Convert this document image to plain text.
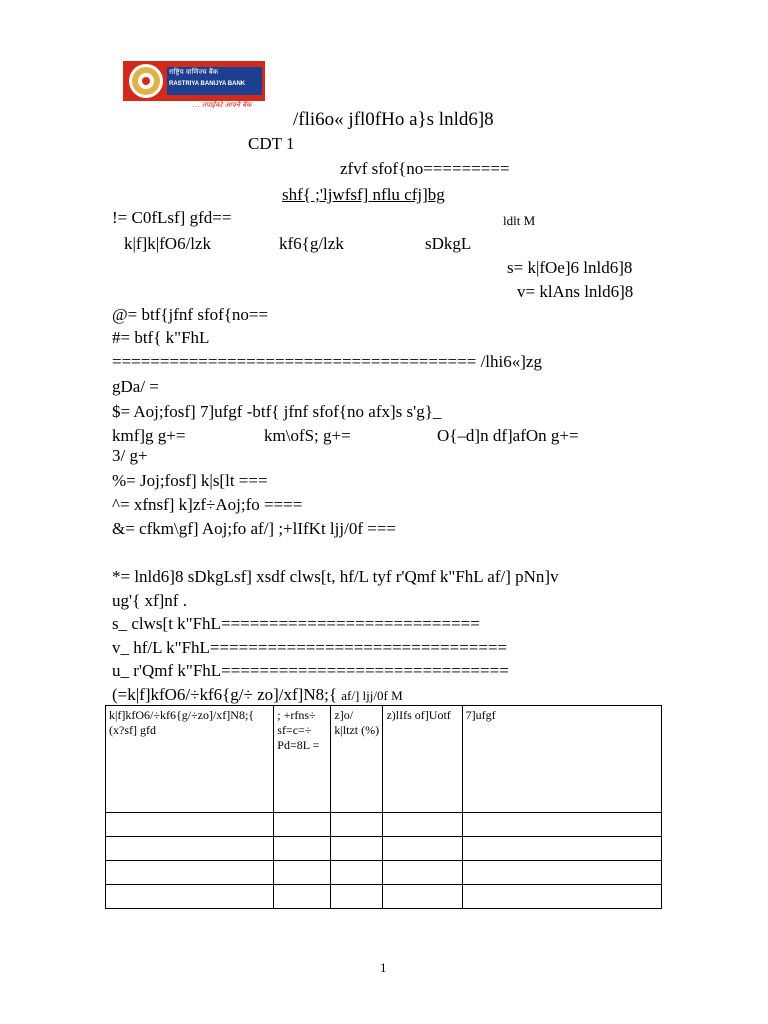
राष्ट्रिय वाणिज्य बैंक
RASTRIYA BANIJYA BANK
... तपाईंको आफ्नै बैंक
/fli6o« jfl0fHo a}s lnld6]8
CDT 1
zfvf sfof{no=========
shf{ ;'ljwfsf] nflu cfj]bg
!= C0fLsf] gfd==	ldlt M
k|f]k|fO6/lzk	kf6{g/lzk	sDkgL
s= k|fOe]6 lnld6]8
v= klAns lnld6]8
@= btf{jfnf sfof{no==
#= btf{ k"FhL
====================================== /lhi6«]zg
gDa/ =
$= Aoj;fosf] 7]ufgf -btf{ jfnf sfof{no afx]s s'g}_
kmf]g g+=	km\ofS; g+=	O{–d]n df]afOn g+=
3/ g+
%= Joj;fosf] k|s[lt ===
^= xfnsf] k]zf÷Aoj;fo ====
&= cfkm\gf] Aoj;fo af/] ;+lIfKt ljj/0f ===
*= lnld6]8 sDkgLsf] xsdf clws[t, hf/L tyf r'Qmf k"FhL af/] pNn]v
ug'{ xf]nf .
s_ clws[t k"FhL===========================
v_ hf/L k"FhL===============================
u_ r'Qmf k"FhL==============================
(=k|f]kfO6/÷kf6{g/÷ zo]/xf]N8;{ af/] ljj/0f M
k|f]kfO6/÷kf6{g/÷zo]/xf]N8;{ (x?sf] gfd	; +rfns÷ sf=c=÷ Pd=8L =	z]o/ k|ltzt (%)	z)lIfs of]Uotf	7]ufgf

1
